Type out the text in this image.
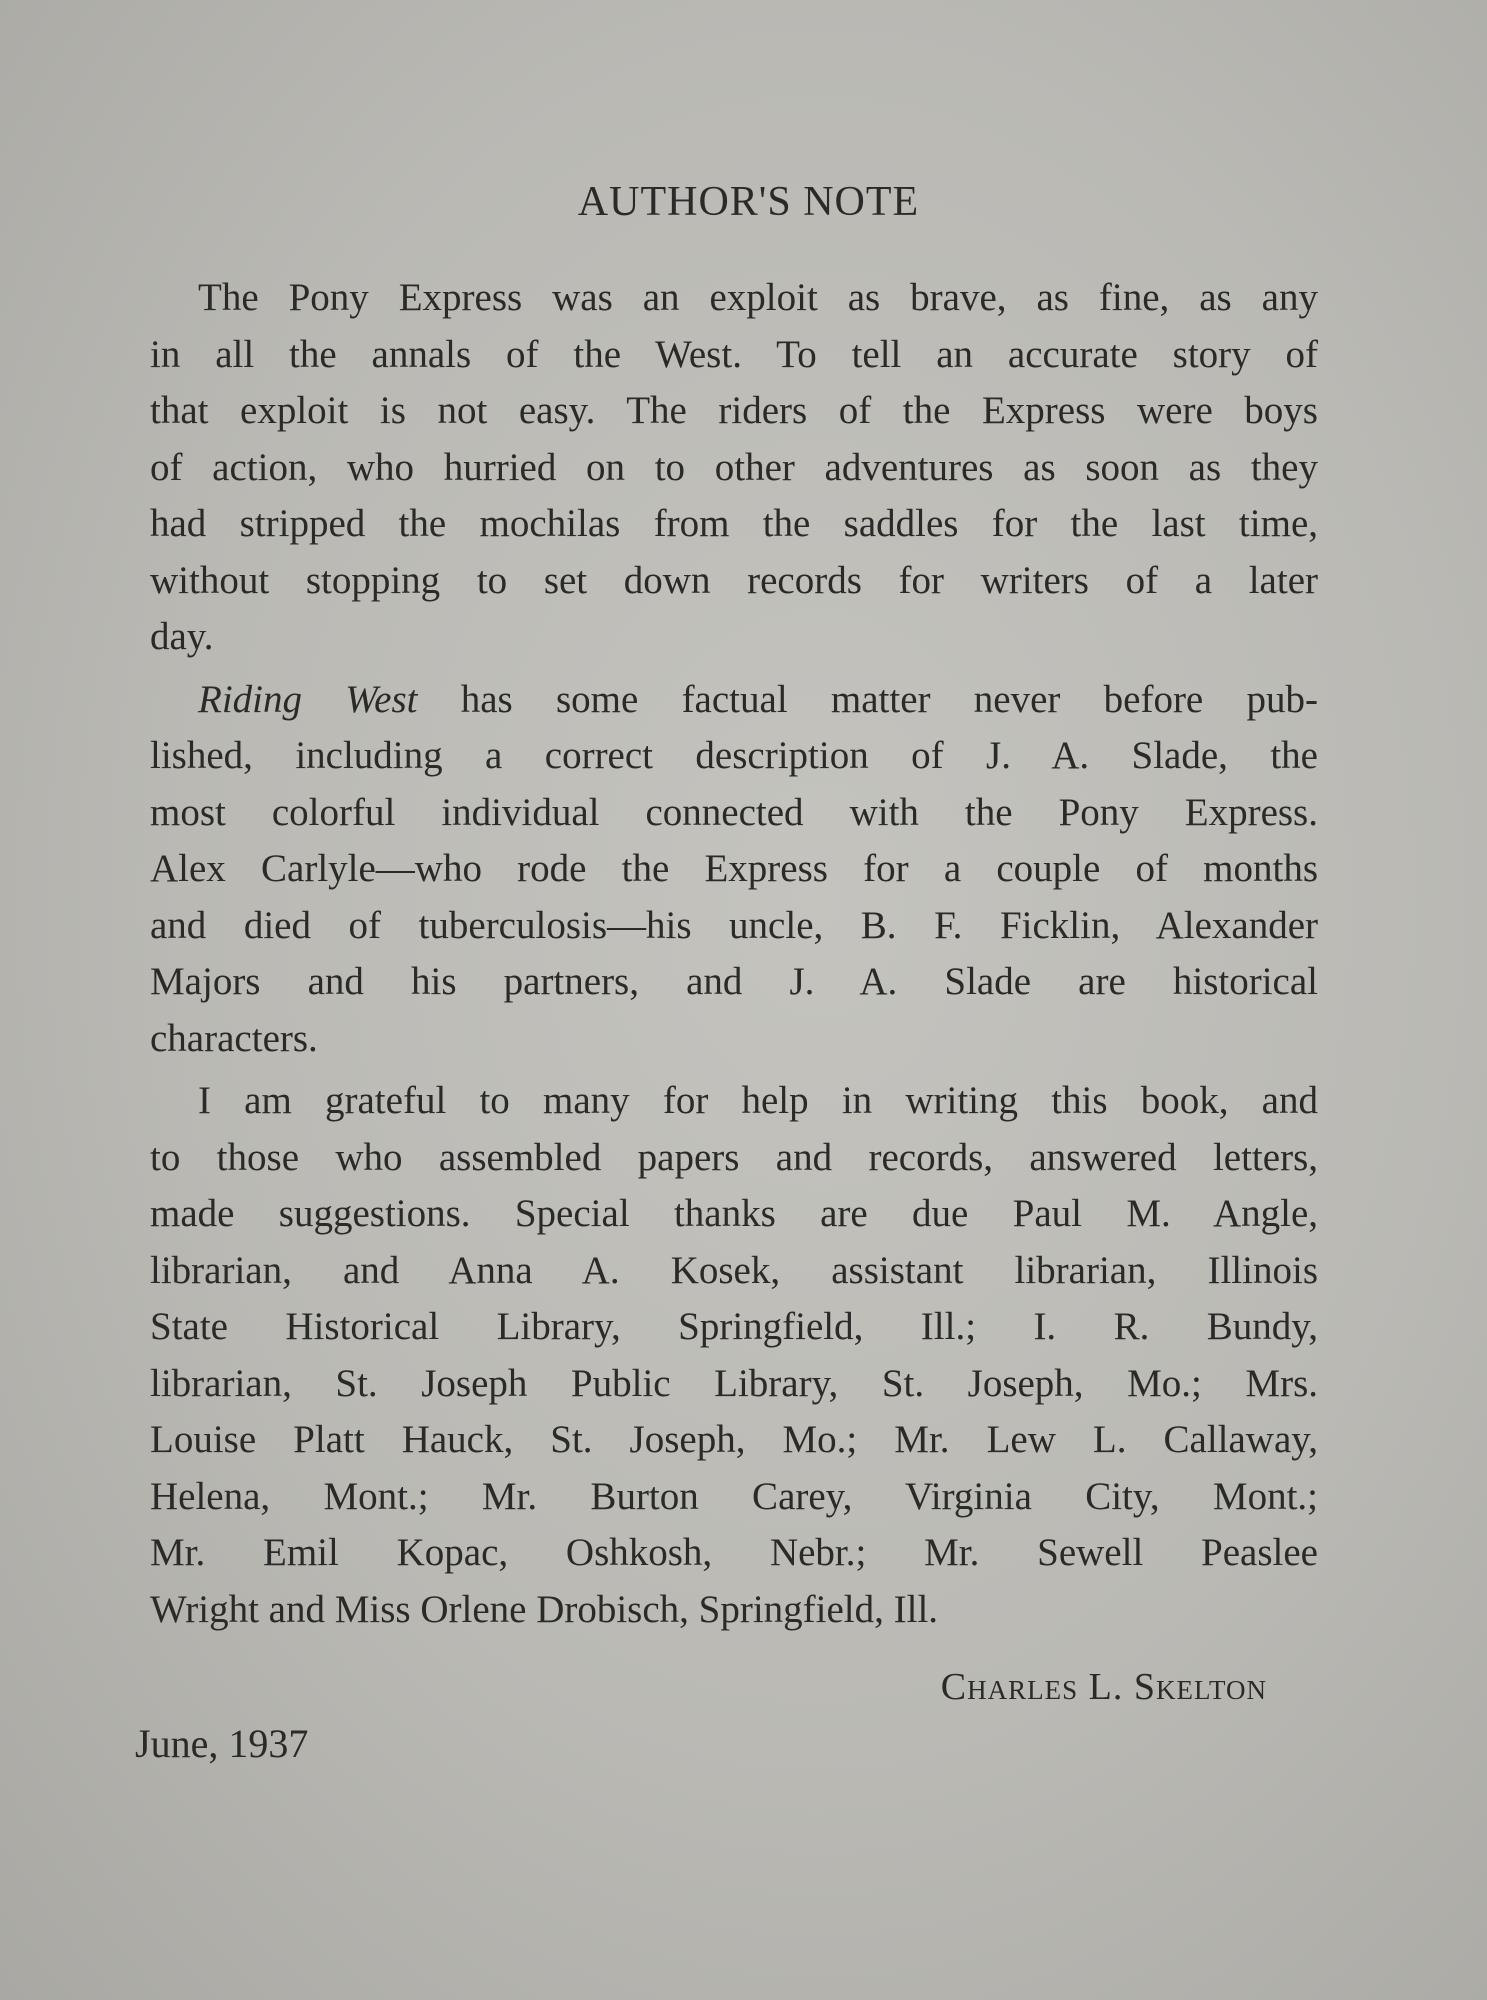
AUTHOR'S NOTE
The Pony Express was an exploit as brave, as fine, as any
in all the annals of the West. To tell an accurate story of
that exploit is not easy. The riders of the Express were boys
of action, who hurried on to other adventures as soon as they
had stripped the mochilas from the saddles for the last time,
without stopping to set down records for writers of a later
day.
Riding West has some factual matter never before pub-
lished, including a correct description of J. A. Slade, the
most colorful individual connected with the Pony Express.
Alex Carlyle—who rode the Express for a couple of months
and died of tuberculosis—his uncle, B. F. Ficklin, Alexander
Majors and his partners, and J. A. Slade are historical
characters.
I am grateful to many for help in writing this book, and
to those who assembled papers and records, answered letters,
made suggestions. Special thanks are due Paul M. Angle,
librarian, and Anna A. Kosek, assistant librarian, Illinois
State Historical Library, Springfield, Ill.; I. R. Bundy,
librarian, St. Joseph Public Library, St. Joseph, Mo.; Mrs.
Louise Platt Hauck, St. Joseph, Mo.; Mr. Lew L. Callaway,
Helena, Mont.; Mr. Burton Carey, Virginia City, Mont.;
Mr. Emil Kopac, Oshkosh, Nebr.; Mr. Sewell Peaslee
Wright and Miss Orlene Drobisch, Springfield, Ill.
Charles L. Skelton
June, 1937
